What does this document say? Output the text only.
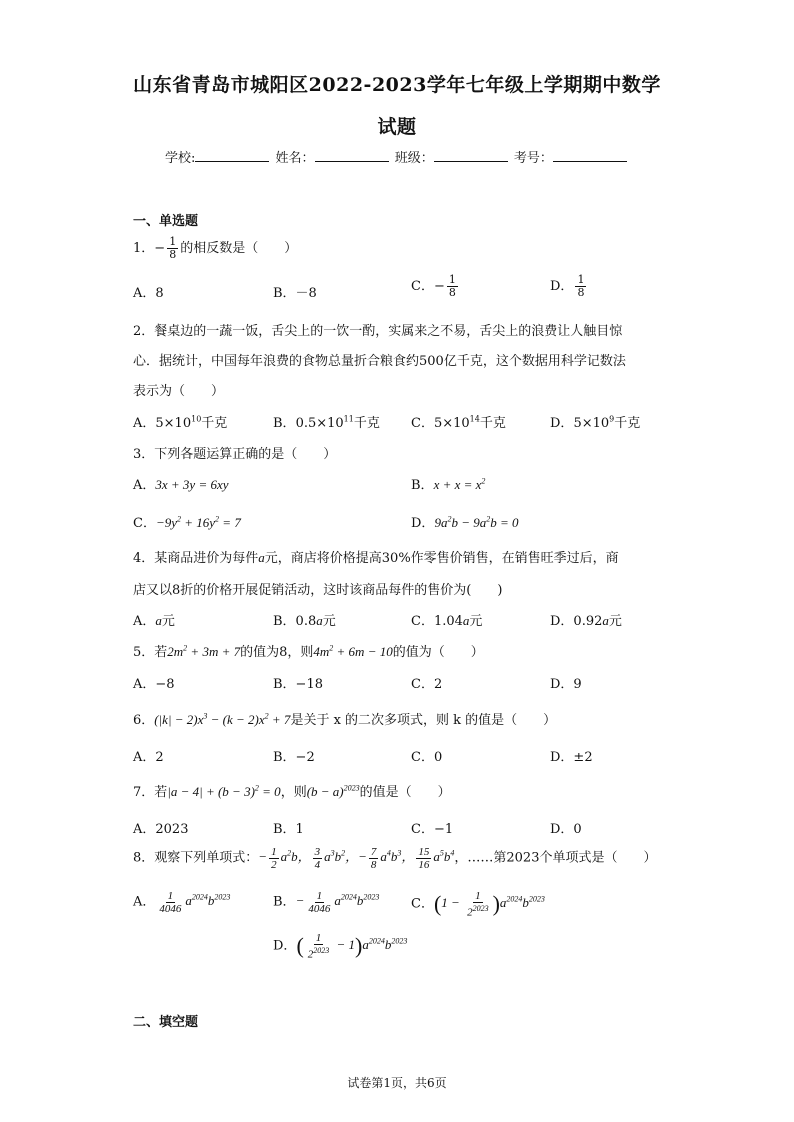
山东省青岛市城阳区2022-2023学年七年级上学期期中数学
试题
学校:	姓名：	班级：	考号：
一、单选题
1．− $\frac{1}{8}$ 的相反数是（　　）
A．8	B．－8	C．− $\frac{1}{8}$	D． $\frac{1}{8}$
2．餐桌边的一蔬一饭，舌尖上的一饮一酌，实属来之不易，舌尖上的浪费让人触目惊
心．据统计，中国每年浪费的食物总量折合粮食约500亿千克，这个数据用科学记数法
表示为（　　）
A．$5\times 10^{10}$千克	B．$0.5\times 10^{11}$千克 C．$5\times 10^{14}$千克	D．$5\times 10^9$千克
3．下列各题运算正确的是（　　）
A．3x + 3y = 6xy	B．$x + x = x^2$
C．$-9y^2 + 16y^2 = 7$	D．$9a^2b - 9a^2b = 0$
4．某商品进价为每件a元，商店将价格提高30%作零售价销售，在销售旺季过后，商
店又以8折的价格开展促销活动，这时该商品每件的售价为(　　)
A．a元	B．0.8a元	C．1.04a元	D．0.92a元
5．若$2m^2 + 3m + 7$的值为8，则$4m^2 + 6m - 10$的值为（　　）
A．−8	B．−18	C．2	D．9
6．$(|k| - 2)x^3 - (k - 2)x^2 + 7$是关于 x 的二次多项式，则 k 的值是（　　）
A．2	B．−2	C．0	D．±2
7．若$|a - 4| + (b - 3)^2 = 0$，则$(b - a)^{2023}$的值是（　　）
A．2023	B．1	C．−1	D．0
8．观察下列单项式：− $\frac{1}{2} a^2b$， $\frac{3}{4} a^3b^2$，− $\frac{7}{8} a^4b^3$， $\frac{15}{16} a^5b^4$，……第2023个单项式是（　　）
A． $\frac{1}{4046} a^{2024}b^{2023}$	B．− $\frac{1}{4046} a^{2024}b^{2023}$ C．$(1 - \frac{1}{2^{2023}} )a^{2024}b^{2023}$
D．( $\frac{1}{2^{2023}} - 1)a^{2024}b^{2023}$
二、填空题
试卷第1页，共6页
